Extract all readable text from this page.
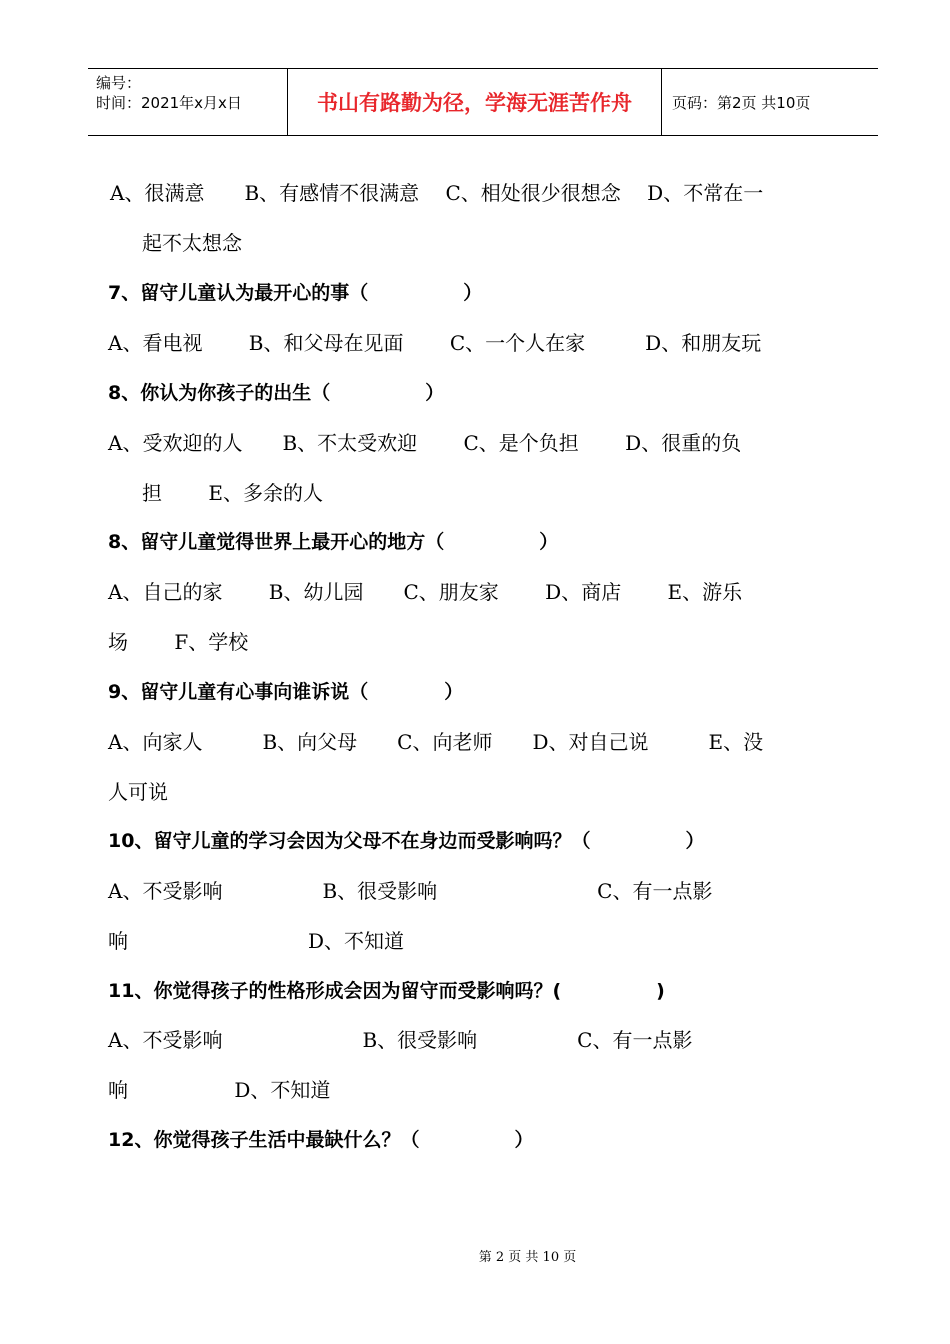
编号：
时间：2021年x月x日	书山有路勤为径，学海无涯苦作舟	页码：第2页 共10页
A、很满意　　B、有感情不很满意　 C、相处很少很想念　 D、不常在一
起不太想念
7、留守儿童认为最开心的事（　　　　　）
A、看电视　　 B、和父母在见面　　 C、一个人在家　　　D、和朋友玩
8、你认为你孩子的出生（　　　　　）
A、受欢迎的人　　B、不太受欢迎　　 C、是个负担　　 D、很重的负
担　　 E、多余的人
8、留守儿童觉得世界上最开心的地方（　　　　　）
A、自己的家　　 B、幼儿园　　C、朋友家　　 D、商店　　 E、游乐
场　　 F、学校
9、留守儿童有心事向谁诉说（　　　　）
A、向家人　　　B、向父母　　C、向老师　　D、对自己说　　　E、没
人可说
10、留守儿童的学习会因为父母不在身边而受影响吗？（　　　　　）
A、不受影响　　　　　B、很受影响　　　　　　　　C、有一点影
响　　　　　　　　　D、不知道
11、你觉得孩子的性格形成会因为留守而受影响吗？(　　　　　)
A、不受影响　　　　　　　B、很受影响　　　　　C、有一点影
响　　　　　 D、不知道
12、你觉得孩子生活中最缺什么？（　　　　　）
第 2 页 共 10 页
